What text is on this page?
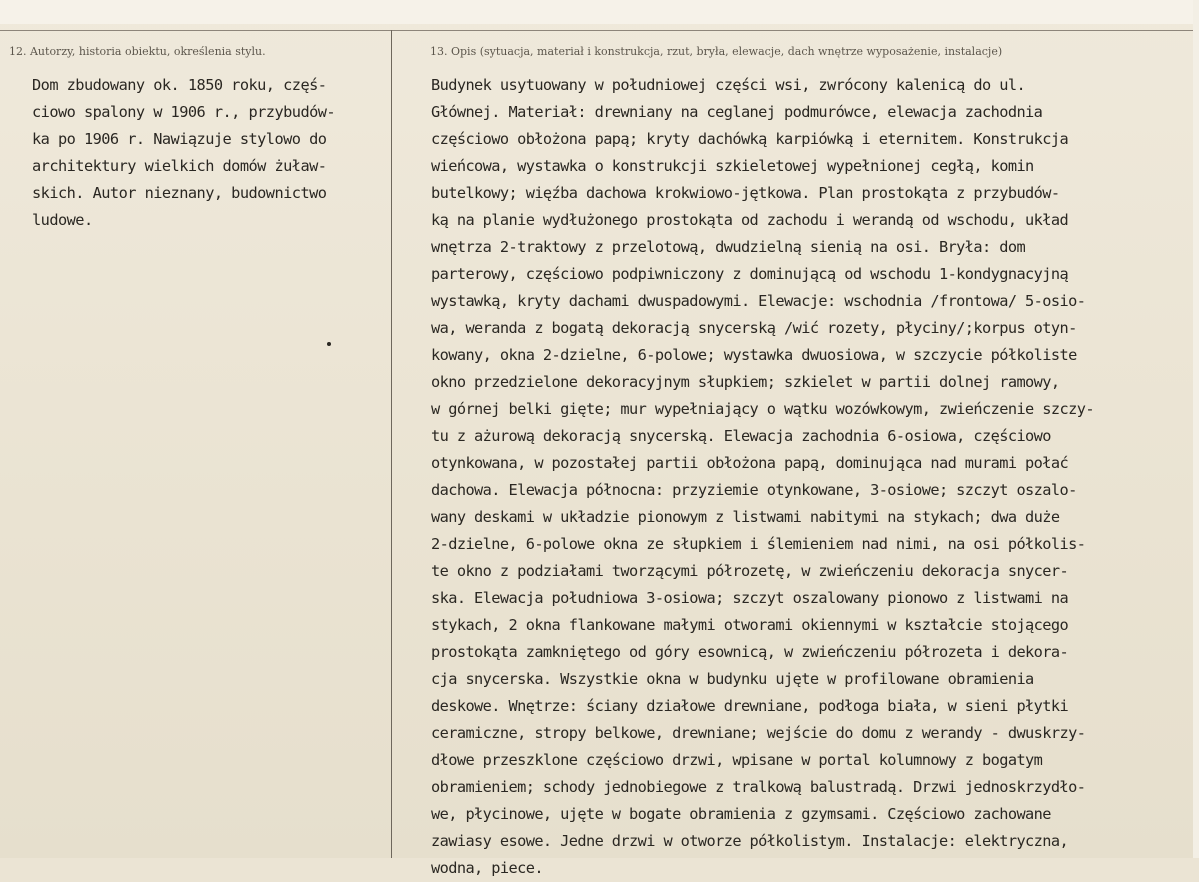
12. Autorzy, historia obiektu, określenia stylu.	13. Opis (sytuacja, materiał i konstrukcja, rzut, bryła, elewacje, dach wnętrze wyposażenie, instalacje)
Dom zbudowany ok. 1850 roku, częś-
ciowo spalony w 1906 r., przybudów-
ka po 1906 r. Nawiązuje stylowo do
architektury wielkich domów żuław-
skich. Autor nieznany, budownictwo
ludowe.
Budynek usytuowany w południowej części wsi, zwrócony kalenicą do ul.
Głównej. Materiał: drewniany na ceglanej podmurówce, elewacja zachodnia
częściowo obłożona papą; kryty dachówką karpiówką i eternitem. Konstrukcja
wieńcowa, wystawka o konstrukcji szkieletowej wypełnionej cegłą, komin
butelkowy; więźba dachowa krokwiowo-jętkowa. Plan prostokąta z przybudów-
ką na planie wydłużonego prostokąta od zachodu i werandą od wschodu, układ
wnętrza 2-traktowy z przelotową, dwudzielną sienią na osi. Bryła: dom
parterowy, częściowo podpiwniczony z dominującą od wschodu 1-kondygnacyjną
wystawką, kryty dachami dwuspadowymi. Elewacje: wschodnia /frontowa/ 5-osio-
wa, weranda z bogatą dekoracją snycerską /wić rozety, płyciny/;korpus otyn-
kowany, okna 2-dzielne, 6-polowe; wystawka dwuosiowa, w szczycie półkoliste
okno przedzielone dekoracyjnym słupkiem; szkielet w partii dolnej ramowy,
w górnej belki gięte; mur wypełniający o wątku wozówkowym, zwieńczenie szczy-
tu z ażurową dekoracją snycerską. Elewacja zachodnia 6-osiowa, częściowo
otynkowana, w pozostałej partii obłożona papą, dominująca nad murami połać
dachowa. Elewacja północna: przyziemie otynkowane, 3-osiowe; szczyt oszalo-
wany deskami w układzie pionowym z listwami nabitymi na stykach; dwa duże
2-dzielne, 6-polowe okna ze słupkiem i ślemieniem nad nimi, na osi półkolis-
te okno z podziałami tworzącymi półrozetę, w zwieńczeniu dekoracja snycer-
ska. Elewacja południowa 3-osiowa; szczyt oszalowany pionowo z listwami na
stykach, 2 okna flankowane małymi otworami okiennymi w kształcie stojącego
prostokąta zamkniętego od góry esownicą, w zwieńczeniu półrozeta i dekora-
cja snycerska. Wszystkie okna w budynku ujęte w profilowane obramienia
deskowe. Wnętrze: ściany działowe drewniane, podłoga biała, w sieni płytki
ceramiczne, stropy belkowe, drewniane; wejście do domu z werandy - dwuskrzy-
dłowe przeszklone częściowo drzwi, wpisane w portal kolumnowy z bogatym
obramieniem; schody jednobiegowe z tralkową balustradą. Drzwi jednoskrzydło-
we, płycinowe, ujęte w bogate obramienia z gzymsami. Częściowo zachowane
zawiasy esowe. Jedne drzwi w otworze półkolistym. Instalacje: elektryczna,
wodna, piece.
